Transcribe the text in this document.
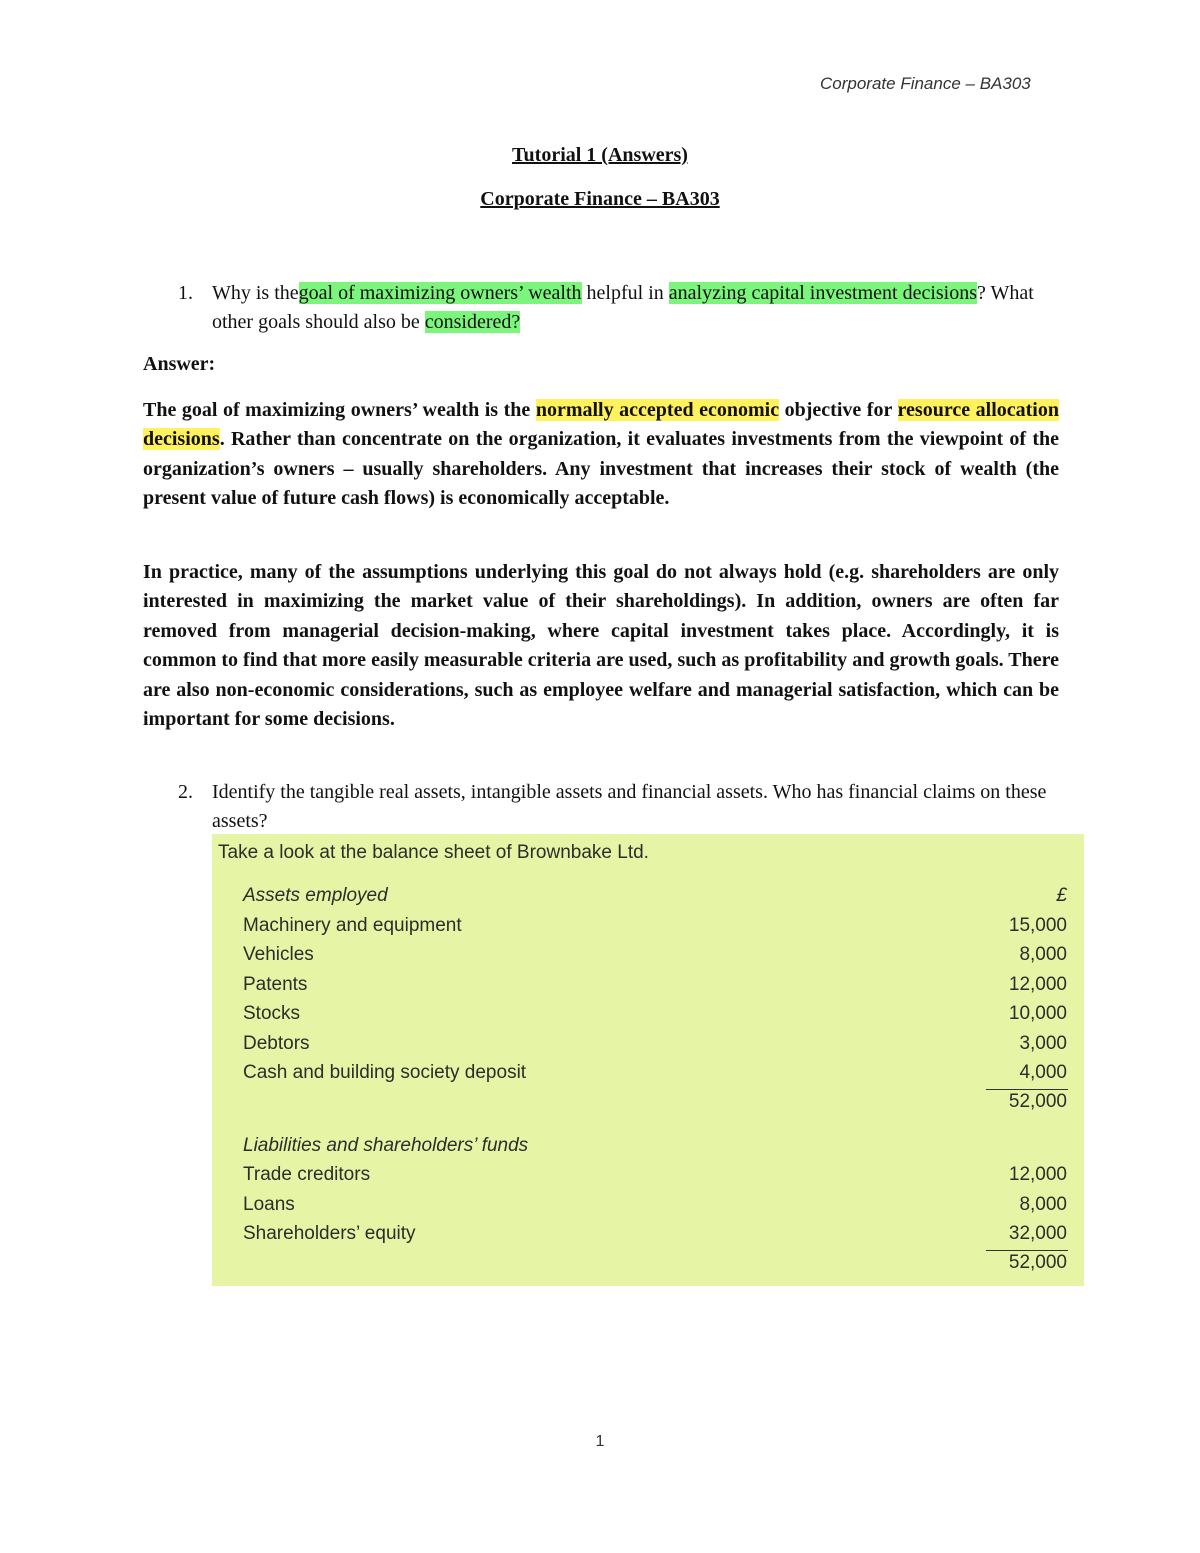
Corporate Finance – BA303
Tutorial 1 (Answers)
Corporate Finance – BA303
1. Why is thegoal of maximizing owners’ wealth helpful in analyzing capital investment decisions? What other goals should also be considered?
Answer:
The goal of maximizing owners’ wealth is the normally accepted economic objective for resource allocation decisions. Rather than concentrate on the organization, it evaluates investments from the viewpoint of the organization’s owners – usually shareholders. Any investment that increases their stock of wealth (the present value of future cash flows) is economically acceptable.
In practice, many of the assumptions underlying this goal do not always hold (e.g. shareholders are only interested in maximizing the market value of their shareholdings). In addition, owners are often far removed from managerial decision-making, where capital investment takes place. Accordingly, it is common to find that more easily measurable criteria are used, such as profitability and growth goals. There are also non-economic considerations, such as employee welfare and managerial satisfaction, which can be important for some decisions.
2. Identify the tangible real assets, intangible assets and financial assets. Who has financial claims on these assets?
Take a look at the balance sheet of Brownbake Ltd.
Assets employed	£
Machinery and equipment	15,000
Vehicles	8,000
Patents	12,000
Stocks	10,000
Debtors	3,000
Cash and building society deposit	4,000
52,000
Liabilities and shareholders’ funds
Trade creditors	12,000
Loans	8,000
Shareholders’ equity	32,000
52,000
1
